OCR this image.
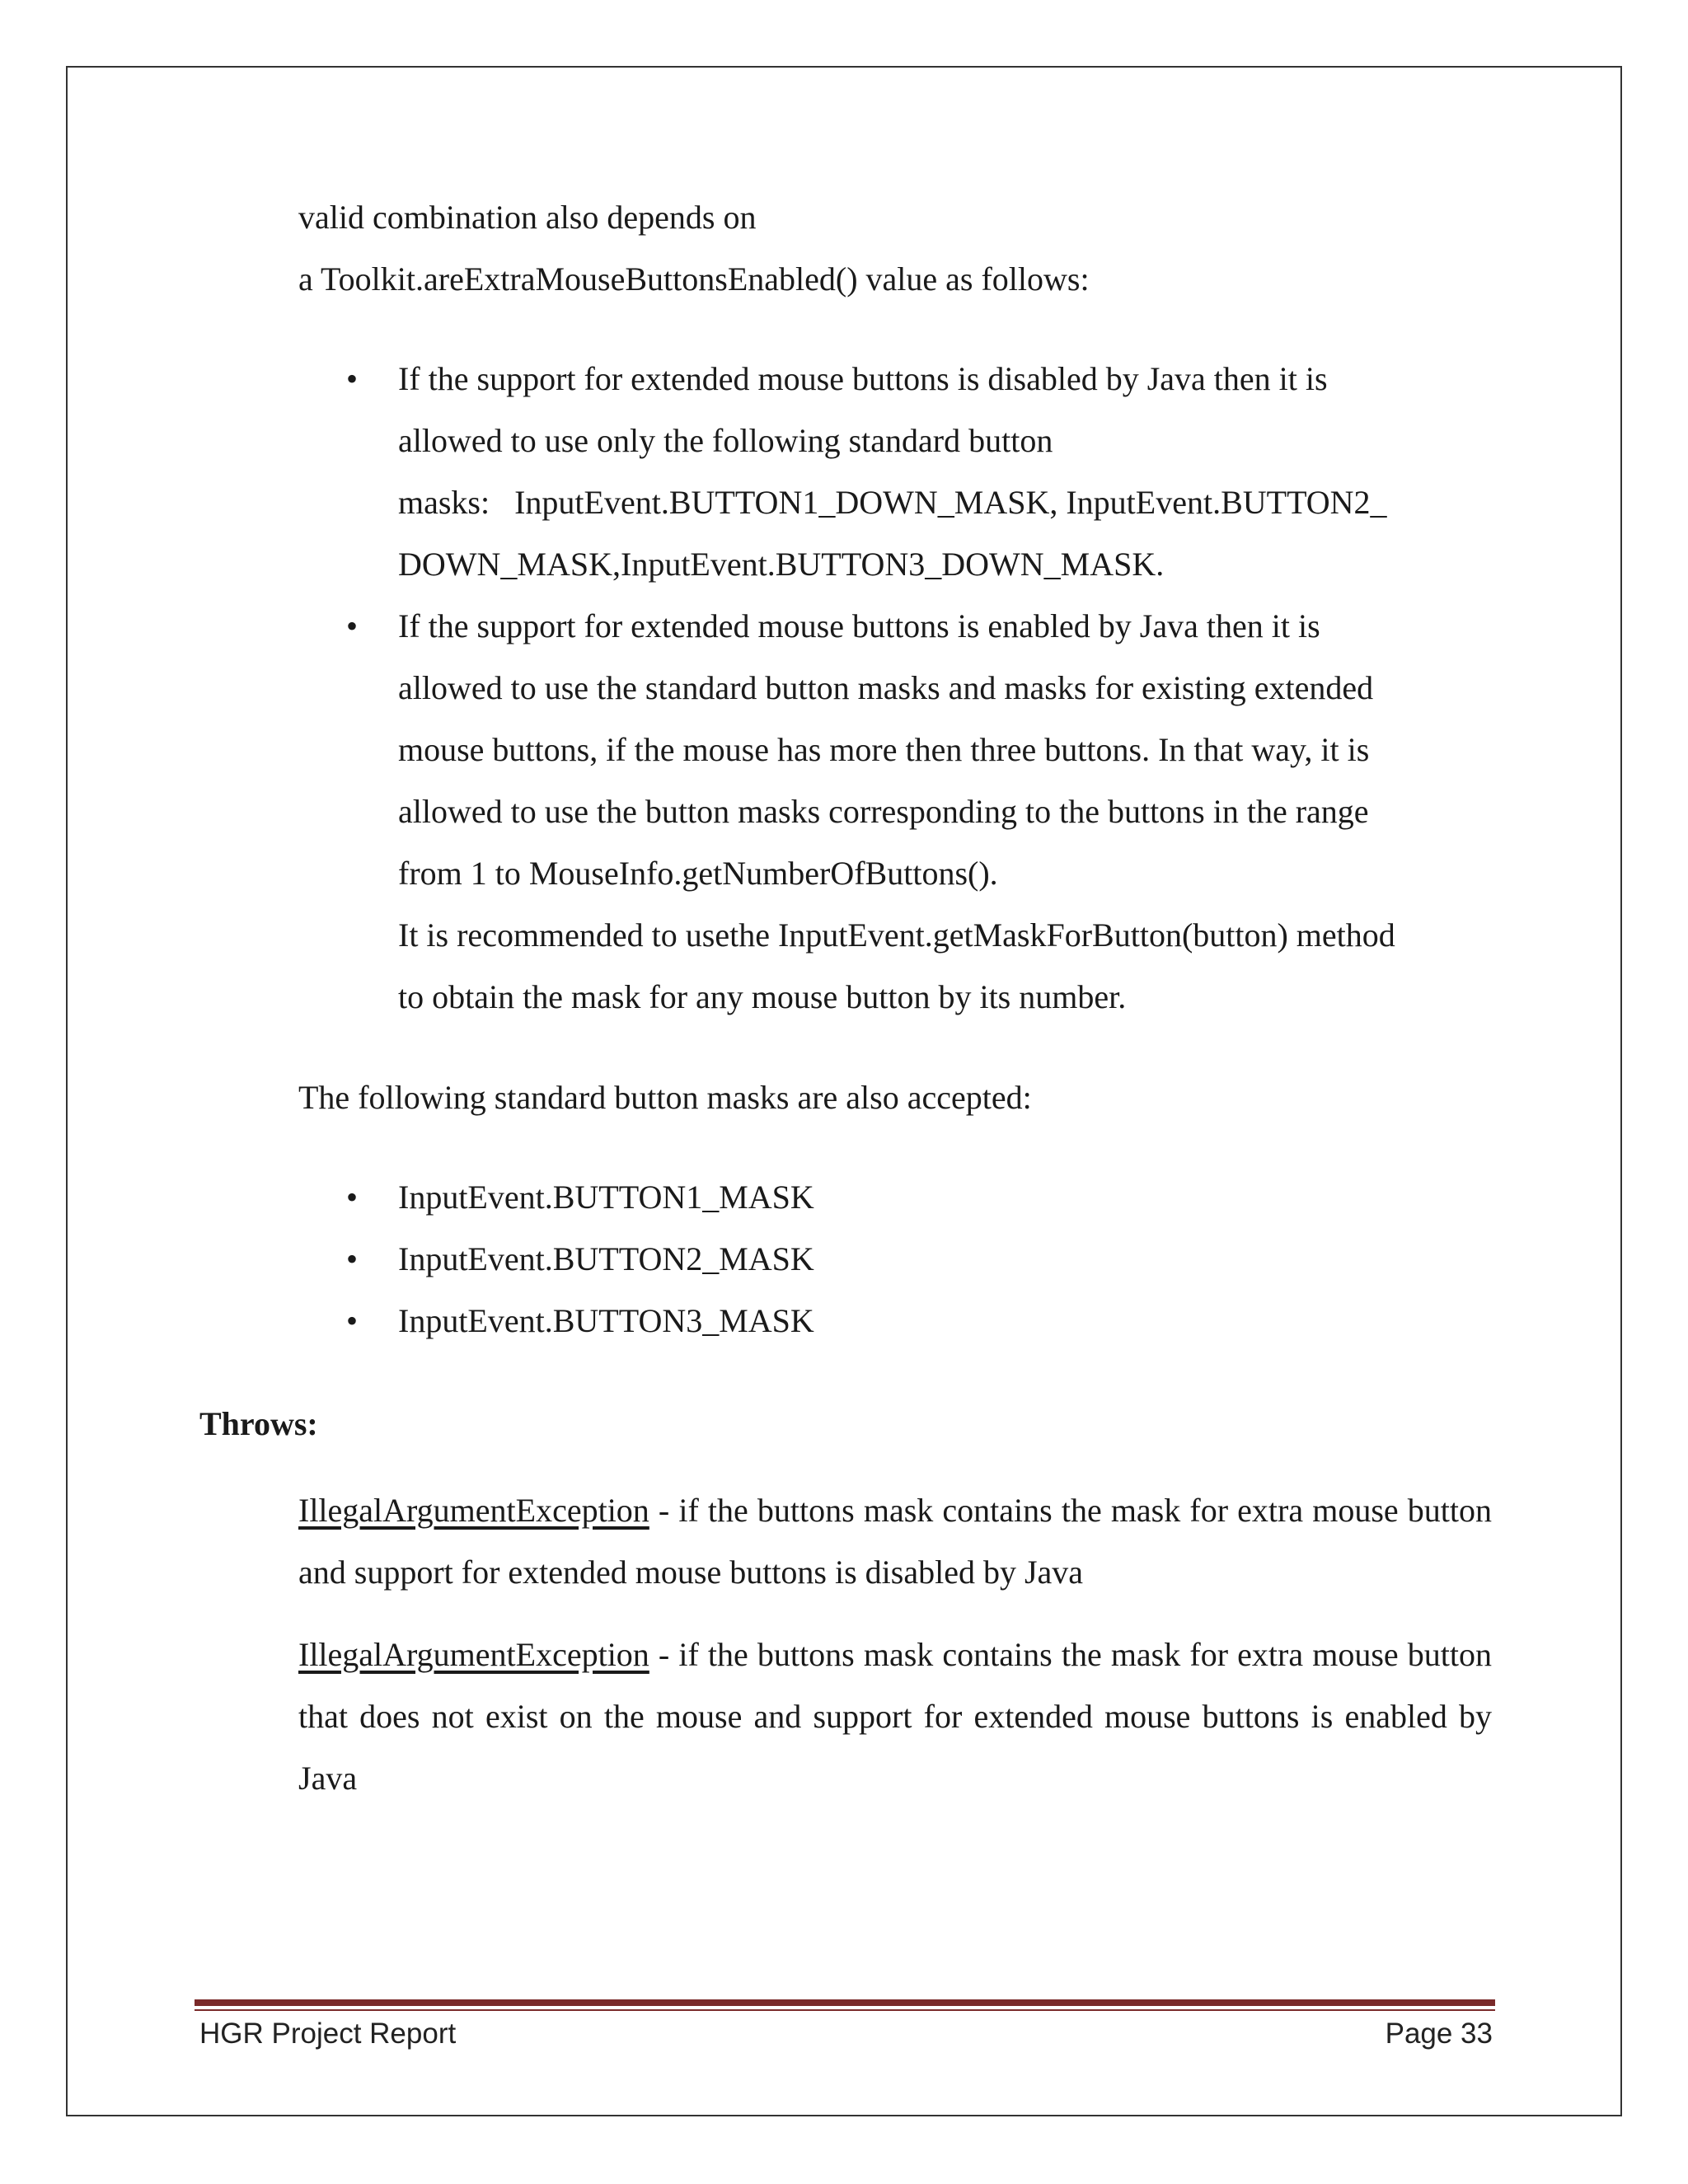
valid combination also depends on
a Toolkit.areExtraMouseButtonsEnabled() value as follows:
• If the support for extended mouse buttons is disabled by Java then it is
allowed to use only the following standard button
masks:   InputEvent.BUTTON1_DOWN_MASK, InputEvent.BUTTON2_
DOWN_MASK,InputEvent.BUTTON3_DOWN_MASK.
• If the support for extended mouse buttons is enabled by Java then it is
allowed to use the standard button masks and masks for existing extended
mouse buttons, if the mouse has more then three buttons. In that way, it is
allowed to use the button masks corresponding to the buttons in the range
from 1 to MouseInfo.getNumberOfButtons().
It is recommended to usethe InputEvent.getMaskForButton(button) method
to obtain the mask for any mouse button by its number.
The following standard button masks are also accepted:
• InputEvent.BUTTON1_MASK
• InputEvent.BUTTON2_MASK
• InputEvent.BUTTON3_MASK
Throws:
IllegalArgumentException - if the buttons mask contains the mask for extra mouse button and support for extended mouse buttons is disabled by Java
IllegalArgumentException - if the buttons mask contains the mask for extra mouse button that does not exist on the mouse and support for extended mouse buttons is enabled by Java
HGR Project Report	Page 33
